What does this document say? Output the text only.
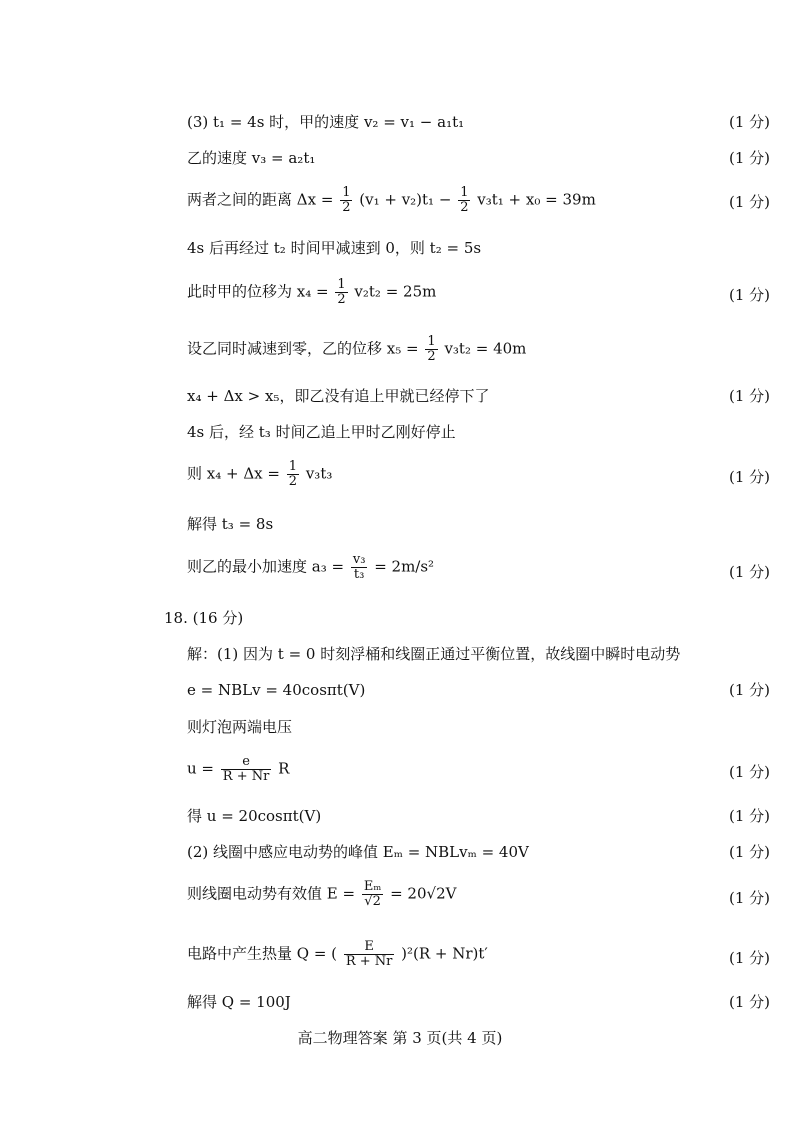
(3) t₁ = 4s 时，甲的速度 v₂ = v₁ − a₁t₁	(1 分)
乙的速度 v₃ = a₂t₁	(1 分)
两者之间的距离 $\Delta x = \frac{1}{2} (v_1 + v_2)t_1 - \frac{1}{2} v_3t_1 + x_0 = 39m$	(1 分)
4s 后再经过 t₂ 时间甲减速到 0，则 t₂ = 5s
此时甲的位移为 $x_4 = \frac{1}{2} v_2t_2 = 25m$	(1 分)
设乙同时减速到零，乙的位移 $x_5 = \frac{1}{2} v_3t_2 = 40m$
x₄ + Δx > x₅，即乙没有追上甲就已经停下了	(1 分)
4s 后，经 t₃ 时间乙追上甲时乙刚好停止
则 $x_4 + \Delta x = \frac{1}{2} v_3t_3$	(1 分)
解得 t₃ = 8s
则乙的最小加速度 $a_3 = \frac{\text{v₃}}{\text{t₃}} = 2m/s^2$	(1 分)
18. (16 分)
解：(1) 因为 t = 0 时刻浮桶和线圈正通过平衡位置，故线圈中瞬时电动势
e = NBLv = 40cosπt(V)	(1 分)
则灯泡两端电压
$u = \frac{e}{R + Nr}$ R	(1 分)
得 u = 20cosπt(V)	(1 分)
(2) 线圈中感应电动势的峰值 Eₘ = NBLvₘ = 40V	(1 分)
则线圈电动势有效值 $E = \frac{\text{Eₘ}}{√2} = 20√2V$	(1 分)
电路中产生热量 Q = ( $\frac{E}{R + Nr} )^2(R + Nr)t'$	(1 分)
解得 Q = 100J	(1 分)
高二物理答案 第 3 页(共 4 页)
